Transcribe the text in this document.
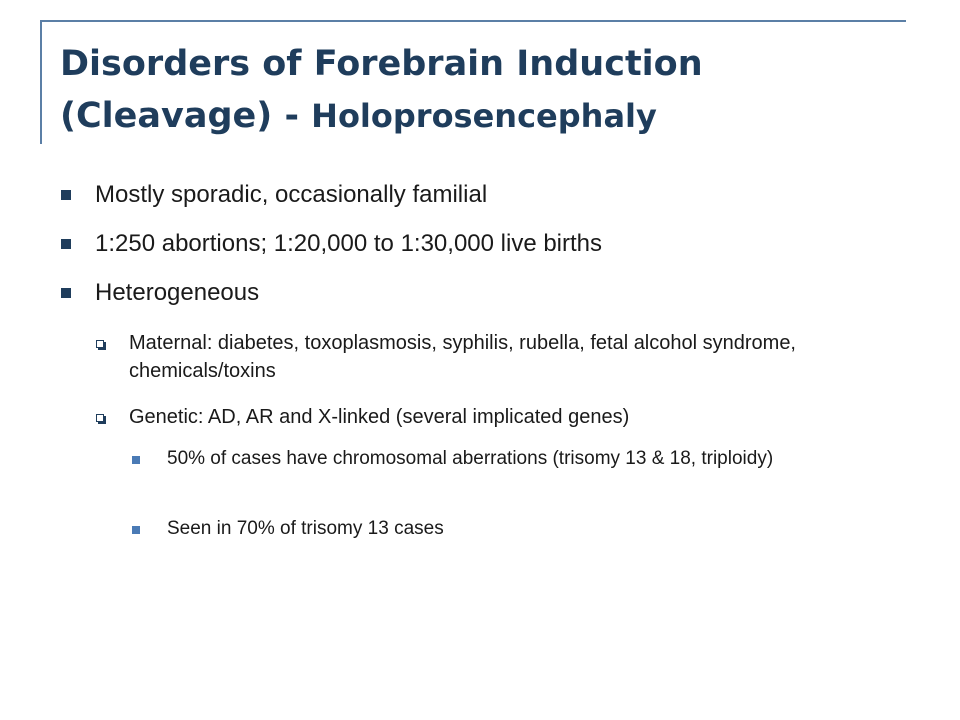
Disorders of Forebrain Induction
(Cleavage) - Holoprosencephaly
Mostly sporadic, occasionally familial
1:250 abortions; 1:20,000 to 1:30,000 live births
Heterogeneous
Maternal: diabetes, toxoplasmosis, syphilis, rubella, fetal alcohol syndrome, chemicals/toxins
Genetic: AD, AR and X-linked (several implicated genes)
50% of cases have chromosomal aberrations (trisomy 13 & 18, triploidy)
Seen in 70% of trisomy 13 cases
